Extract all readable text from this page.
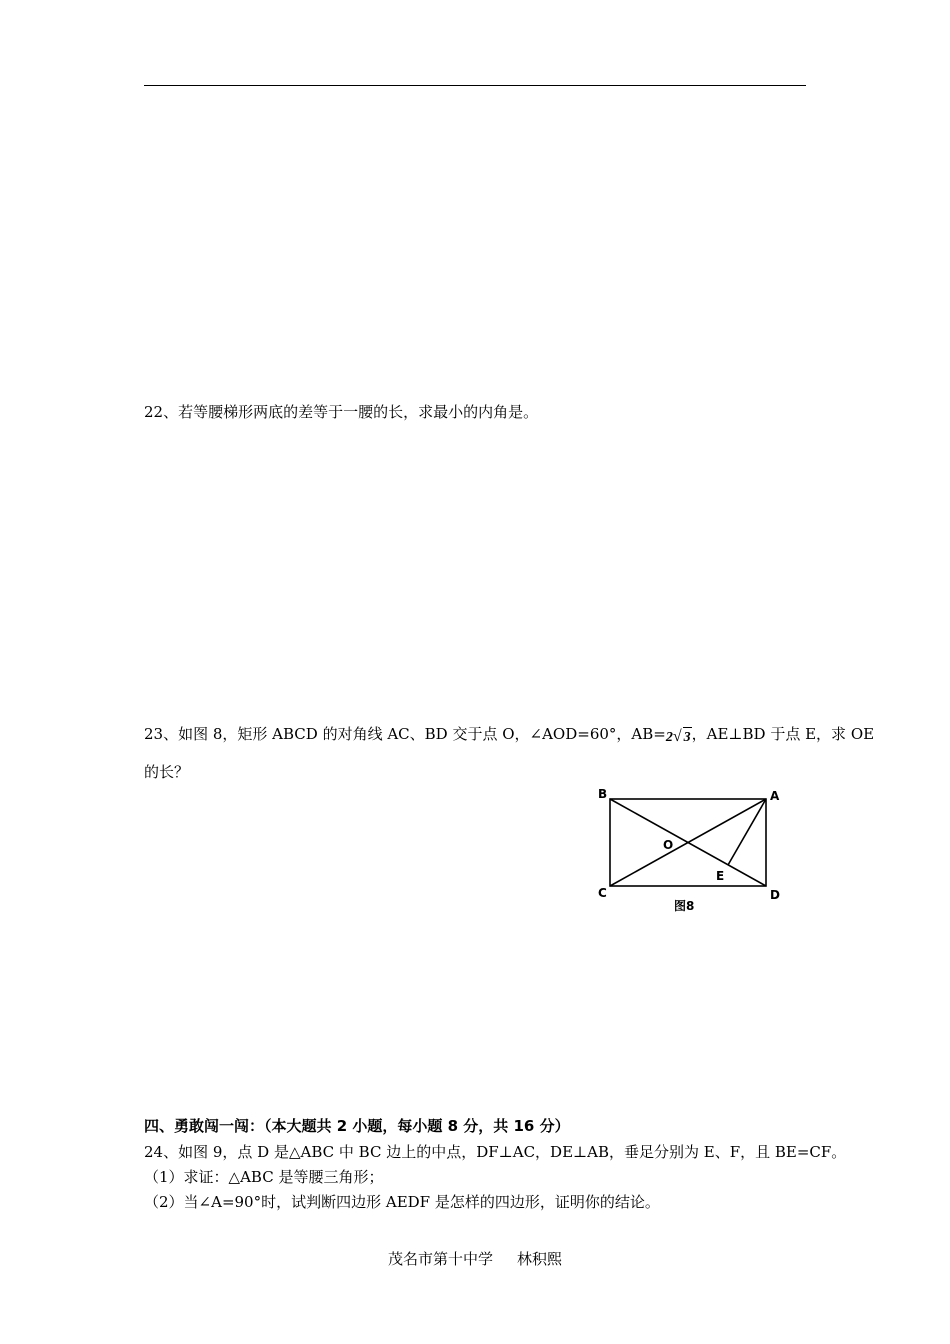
22、若等腰梯形两底的差等于一腰的长，求最小的内角是。
23、如图 8，矩形 ABCD 的对角线 AC、BD 交于点 O，∠AOD=60°，AB=2√ 3，AE⊥BD 于点 E，求 OE
的长？
B	A
C	D
O
E
图8
四、勇敢闯一闯：（本大题共 2 小题，每小题 8 分，共 16 分）
24、如图 9，点 D 是△ABC 中 BC 边上的中点，DF⊥AC，DE⊥AB，垂足分别为 E、F，且 BE=CF。
（1）求证：△ABC 是等腰三角形；
（2）当∠A=90°时，试判断四边形 AEDF 是怎样的四边形，证明你的结论。
茂名市第十中学 林积熙
